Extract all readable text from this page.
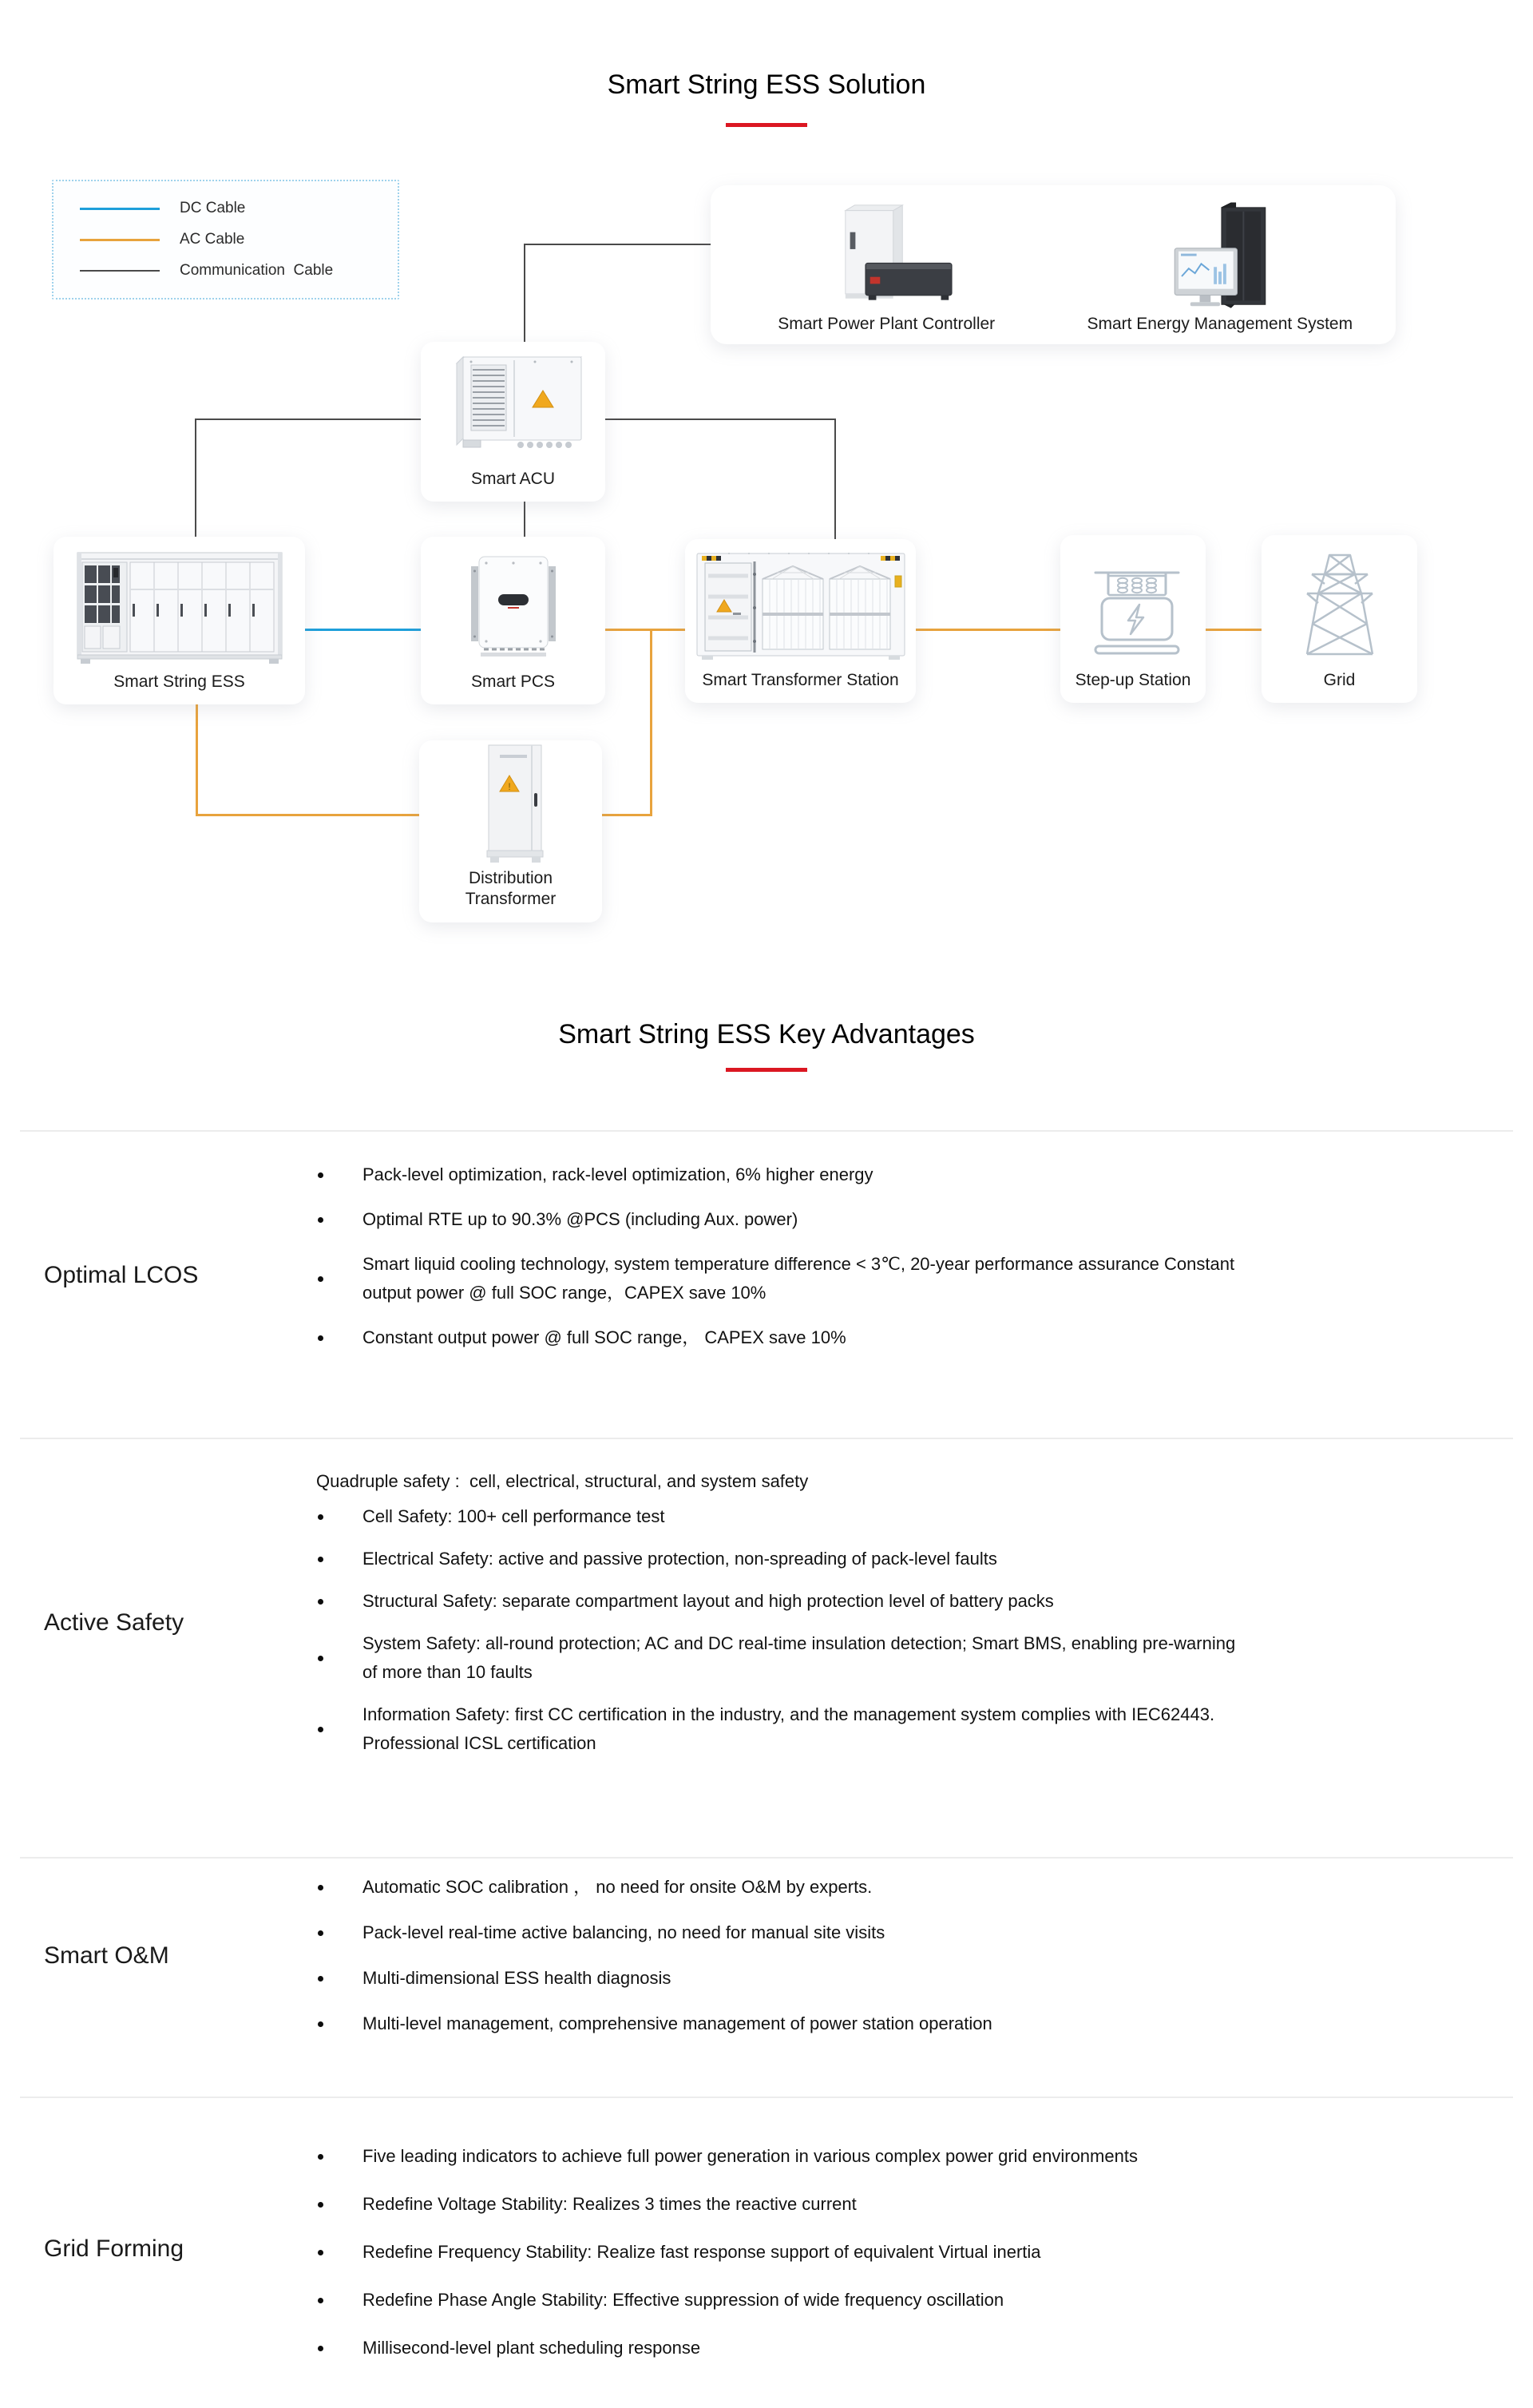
Smart String ESS Solution
DC Cable
AC Cable
Communication  Cable
Smart Power Plant Controller	Smart Energy Management System
Smart ACU
Smart String ESS	Smart PCS	Smart Transformer Station	Step-up Station	Grid
!
Distribution
Transformer
Smart String ESS Key Advantages
Optimal LCOS
Pack-level optimization, rack-level optimization, 6% higher energy
Optimal RTE up to 90.3% @PCS (including Aux. power)
Smart liquid cooling technology, system temperature difference < 3℃, 20-year performance assurance Constant
output power @ full SOC range，CAPEX save 10%
Constant output power @ full SOC range， CAPEX save 10%
Active Safety
Quadruple safety :  cell, electrical, structural, and system safety
Cell Safety: 100+ cell performance test
Electrical Safety: active and passive protection, non-spreading of pack-level faults
Structural Safety: separate compartment layout and high protection level of battery packs
System Safety: all-round protection; AC and DC real-time insulation detection; Smart BMS, enabling pre-warning
of more than 10 faults
Information Safety: first CC certification in the industry, and the management system complies with IEC62443.
Professional ICSL certification
Smart O&M
Automatic SOC calibration ， no need for onsite O&M by experts.
Pack-level real-time active balancing, no need for manual site visits
Multi-dimensional ESS health diagnosis
Multi-level management, comprehensive management of power station operation
Grid Forming
Five leading indicators to achieve full power generation in various complex power grid environments
Redefine Voltage Stability: Realizes 3 times the reactive current
Redefine Frequency Stability: Realize fast response support of equivalent Virtual inertia
Redefine Phase Angle Stability: Effective suppression of wide frequency oscillation
Millisecond-level plant scheduling response
